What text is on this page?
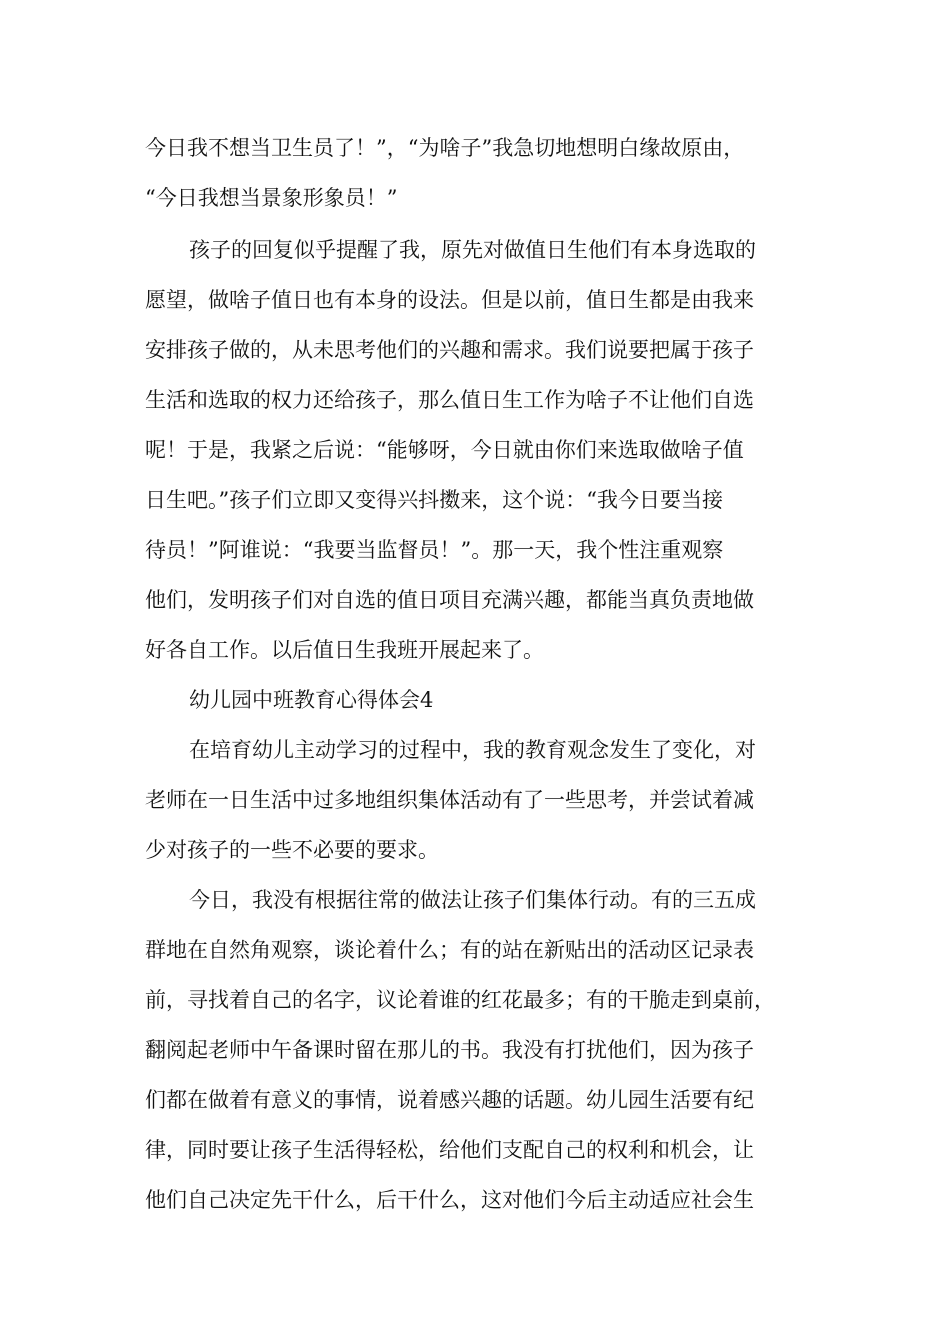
今日我不想当卫生员了！”，“为啥子”我急切地想明白缘故原由，
“今日我想当景象形象员！”
孩子的回复似乎提醒了我，原先对做值日生他们有本身选取的
愿望，做啥子值日也有本身的设法。但是以前，值日生都是由我来
安排孩子做的，从未思考他们的兴趣和需求。我们说要把属于孩子
生活和选取的权力还给孩子，那么值日生工作为啥子不让他们自选
呢！于是，我紧之后说：“能够呀，今日就由你们来选取做啥子值
日生吧。”孩子们立即又变得兴抖擞来，这个说：“我今日要当接
待员！”阿谁说：“我要当监督员！”。那一天，我个性注重观察
他们，发明孩子们对自选的值日项目充满兴趣，都能当真负责地做
好各自工作。以后值日生我班开展起来了。
幼儿园中班教育心得体会4
在培育幼儿主动学习的过程中，我的教育观念发生了变化，对
老师在一日生活中过多地组织集体活动有了一些思考，并尝试着减
少对孩子的一些不必要的要求。
今日，我没有根据往常的做法让孩子们集体行动。有的三五成
群地在自然角观察，谈论着什么；有的站在新贴出的活动区记录表
前，寻找着自己的名字，议论着谁的红花最多；有的干脆走到桌前，
翻阅起老师中午备课时留在那儿的书。我没有打扰他们，因为孩子
们都在做着有意义的事情，说着感兴趣的话题。幼儿园生活要有纪
律，同时要让孩子生活得轻松，给他们支配自己的权利和机会，让
他们自己决定先干什么，后干什么，这对他们今后主动适应社会生
